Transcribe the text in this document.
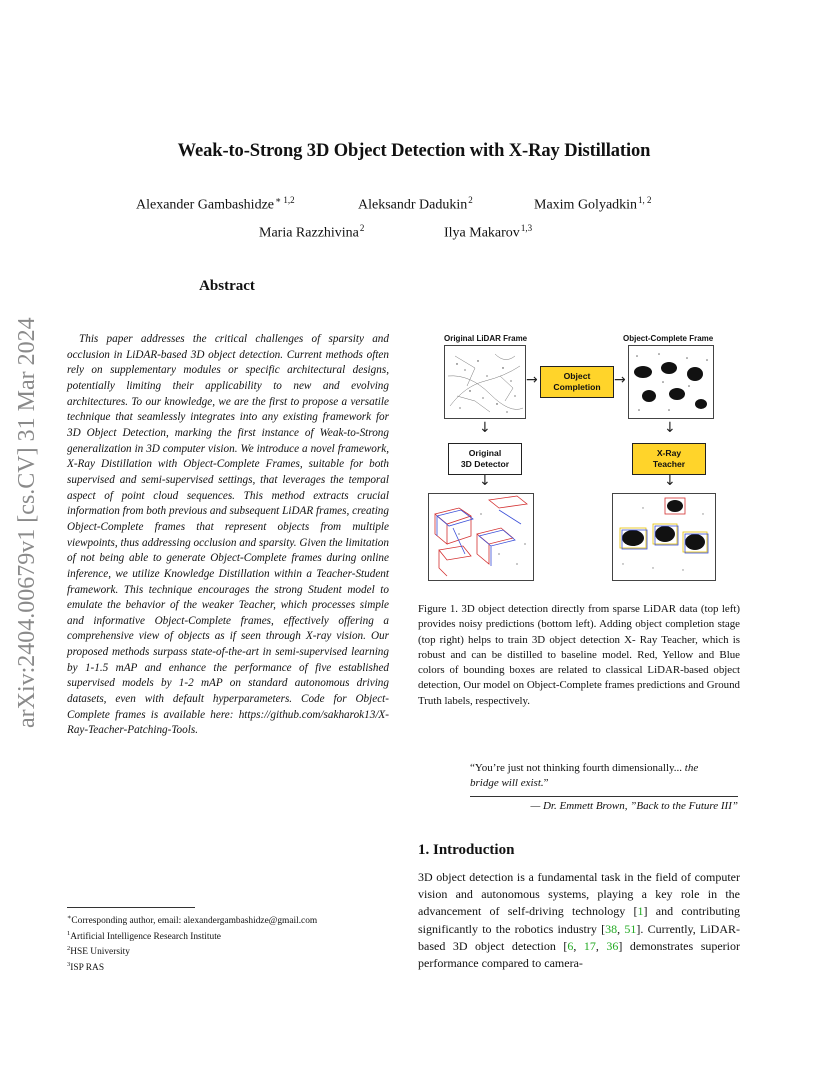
arXiv:2404.00679v1 [cs.CV] 31 Mar 2024
Weak-to-Strong 3D Object Detection with X-Ray Distillation
Alexander Gambashidze$^{∗ 1,2}$	Aleksandr Dadukin$^2$	Maxim Golyadkin$^{1, 2}$
Maria Razzhivina$^2$	Ilya Makarov$^{1,3}$
Abstract
This paper addresses the critical challenges of sparsity and occlusion in LiDAR-based 3D object detection. Current methods often rely on supplementary modules or specific architectural designs, potentially limiting their applicability to new and evolving architectures. To our knowledge, we are the first to propose a versatile technique that seamlessly integrates into any existing framework for 3D Object Detection, marking the first instance of Weak-to-Strong generalization in 3D computer vision. We introduce a novel framework, X-Ray Distillation with Object-Complete Frames, suitable for both supervised and semi-supervised settings, that leverages the temporal aspect of point cloud sequences. This method extracts crucial information from both previous and subsequent LiDAR frames, creating Object-Complete frames that represent objects from multiple viewpoints, thus addressing occlusion and sparsity. Given the limitation of not being able to generate Object-Complete frames during online inference, we utilize Knowledge Distillation within a Teacher-Student framework. This technique encourages the strong Student model to emulate the behavior of the weaker Teacher, which processes simple and informative Object-Complete frames, effectively offering a comprehensive view of objects as if seen through X-ray vision. Our proposed methods surpass state-of-the-art in semi-supervised learning by 1-1.5 mAP and enhance the performance of five established supervised models by 1-2 mAP on standard autonomous driving datasets, even with default hyperparameters. Code for Object-Complete frames is available here: https://github.com/sakharok13/X-Ray-Teacher-Patching-Tools.
∗Corresponding author, email: alexandergambashidze@gmail.com
$^1$Artificial Intelligence Research Institute
$^2$HSE University
$^3$ISP RAS
Original LiDAR Frame	Object-Complete Frame
→	Object
Completion →
↓	↓
Original
3D Detector
X-Ray
Teacher
↓	↓
Figure 1. 3D object detection directly from sparse LiDAR data (top left) provides noisy predictions (bottom left). Adding object completion stage (top right) helps to train 3D object detection X- Ray Teacher, which is robust and can be distilled to baseline model. Red, Yellow and Blue colors of bounding boxes are related to classical LiDAR-based object detection, Our model on Object-Complete frames predictions and Ground Truth labels, respectively.
“You’re just not thinking fourth dimensionally... the
bridge will exist.”
— Dr. Emmett Brown, ”Back to the Future III”
1. Introduction
3D object detection is a fundamental task in the field of computer vision and autonomous systems, playing a key role in the advancement of self-driving technology [1] and contributing significantly to the robotics industry [38, 51]. Currently, LiDAR-based 3D object detection [6, 17, 36] demonstrates superior performance compared to camera-
